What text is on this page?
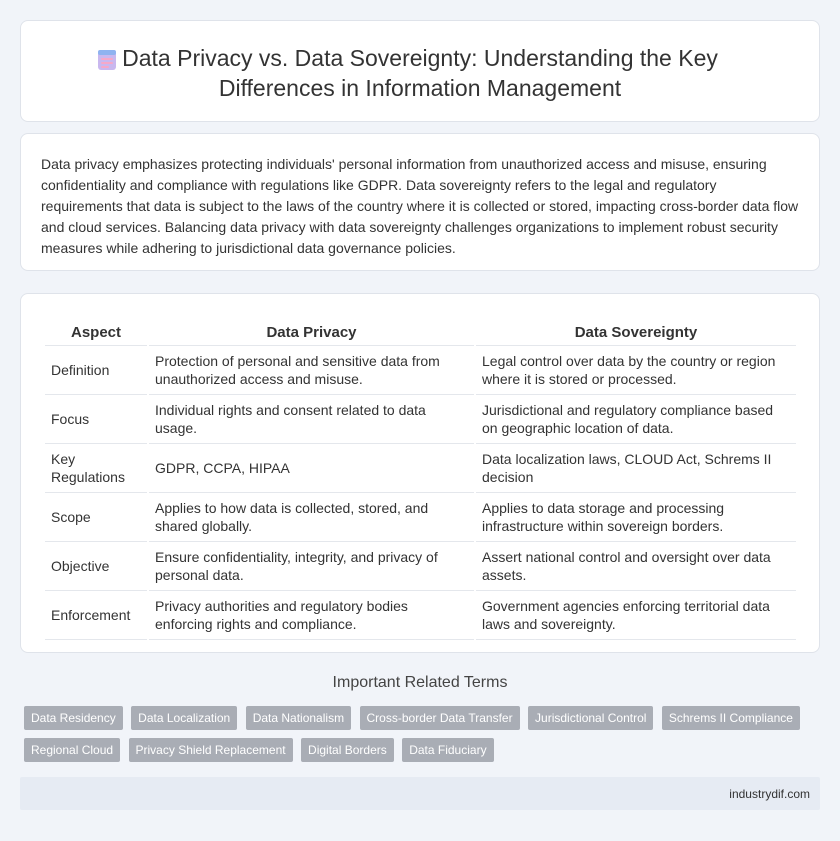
Data Privacy vs. Data Sovereignty: Understanding the Key Differences in Information Management

Data privacy emphasizes protecting individuals' personal information from unauthorized access and misuse, ensuring confidentiality and compliance with regulations like GDPR. Data sovereignty refers to the legal and regulatory requirements that data is subject to the laws of the country where it is collected or stored, impacting cross-border data flow and cloud services. Balancing data privacy with data sovereignty challenges organizations to implement robust security measures while adhering to jurisdictional data governance policies.

Aspect	Data Privacy	Data Sovereignty
Definition	Protection of personal and sensitive data from unauthorized access and misuse.	Legal control over data by the country or region where it is stored or processed.
Focus	Individual rights and consent related to data usage.	Jurisdictional and regulatory compliance based on geographic location of data.
Key Regulations	GDPR, CCPA, HIPAA	Data localization laws, CLOUD Act, Schrems II decision
Scope	Applies to how data is collected, stored, and shared globally.	Applies to data storage and processing infrastructure within sovereign borders.
Objective	Ensure confidentiality, integrity, and privacy of personal data.	Assert national control and oversight over data assets.
Enforcement	Privacy authorities and regulatory bodies enforcing rights and compliance.	Government agencies enforcing territorial data laws and sovereignty.
Important Related Terms
Data Residency Data Localization Data Nationalism Cross-border Data Transfer Jurisdictional Control Schrems II Compliance Regional Cloud Privacy Shield Replacement Digital Borders Data Fiduciary
industrydif.com
